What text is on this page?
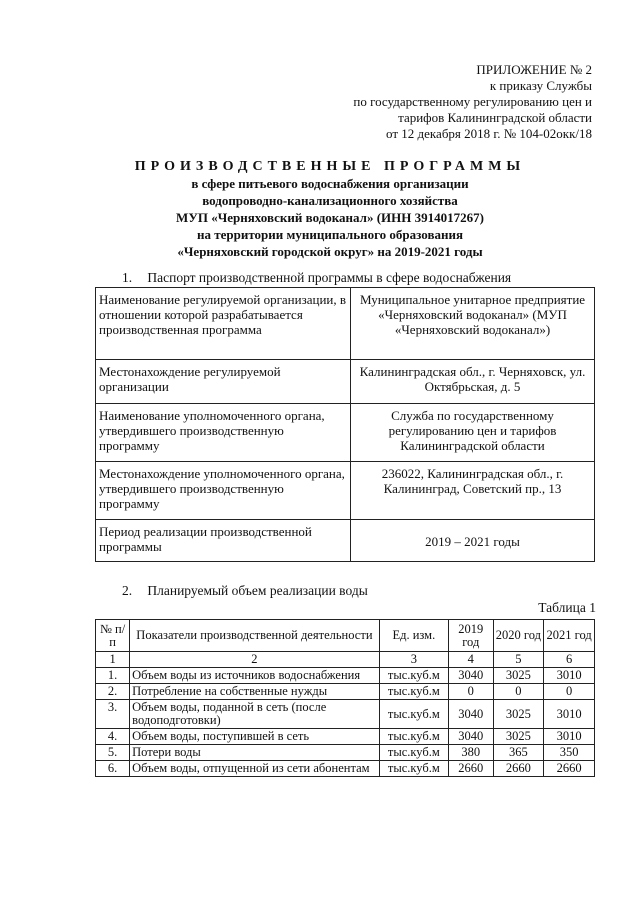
ПРИЛОЖЕНИЕ № 2
к приказу Службы
по государственному регулированию цен и
тарифов Калининградской области
от 12 декабря 2018 г. № 104-02окк/18
ПРОИЗВОДСТВЕННЫЕ ПРОГРАММЫ
в сфере питьевого водоснабжения организации
водопроводно-канализационного хозяйства
МУП «Черняховский водоканал» (ИНН 3914017267)
на территории муниципального образования
«Черняховский городской округ» на 2019-2021 годы
1. Паспорт производственной программы в сфере водоснабжения
Наименование регулируемой организации, в отношении которой разрабатывается производственная программа	Муниципальное унитарное предприятие «Черняховский водоканал» (МУП «Черняховский водоканал»)
Местонахождение регулируемой организации	Калининградская обл., г. Черняховск, ул. Октябрьская, д. 5
Наименование уполномоченного органа, утвердившего производственную программу	Служба по государственному регулированию цен и тарифов Калининградской области
Местонахождение уполномоченного органа, утвердившего производственную программу	236022, Калининградская обл., г. Калининград, Советский пр., 13
Период реализации производственной программы	2019 – 2021 годы
2. Планируемый объем реализации воды
Таблица 1
№ п/п	Показатели производственной деятельности	Ед. изм.	2019 год	2020 год	2021 год
1	2	3	4	5	6
1.	Объем воды из источников водоснабжения	тыс.куб.м	3040	3025	3010
2.	Потребление на собственные нужды	тыс.куб.м	0	0	0
3.	Объем воды, поданной в сеть (после водоподготовки)	тыс.куб.м	3040	3025	3010
4.	Объем воды, поступившей в сеть	тыс.куб.м	3040	3025	3010
5.	Потери воды	тыс.куб.м	380	365	350
6.	Объем воды, отпущенной из сети абонентам	тыс.куб.м	2660	2660	2660
